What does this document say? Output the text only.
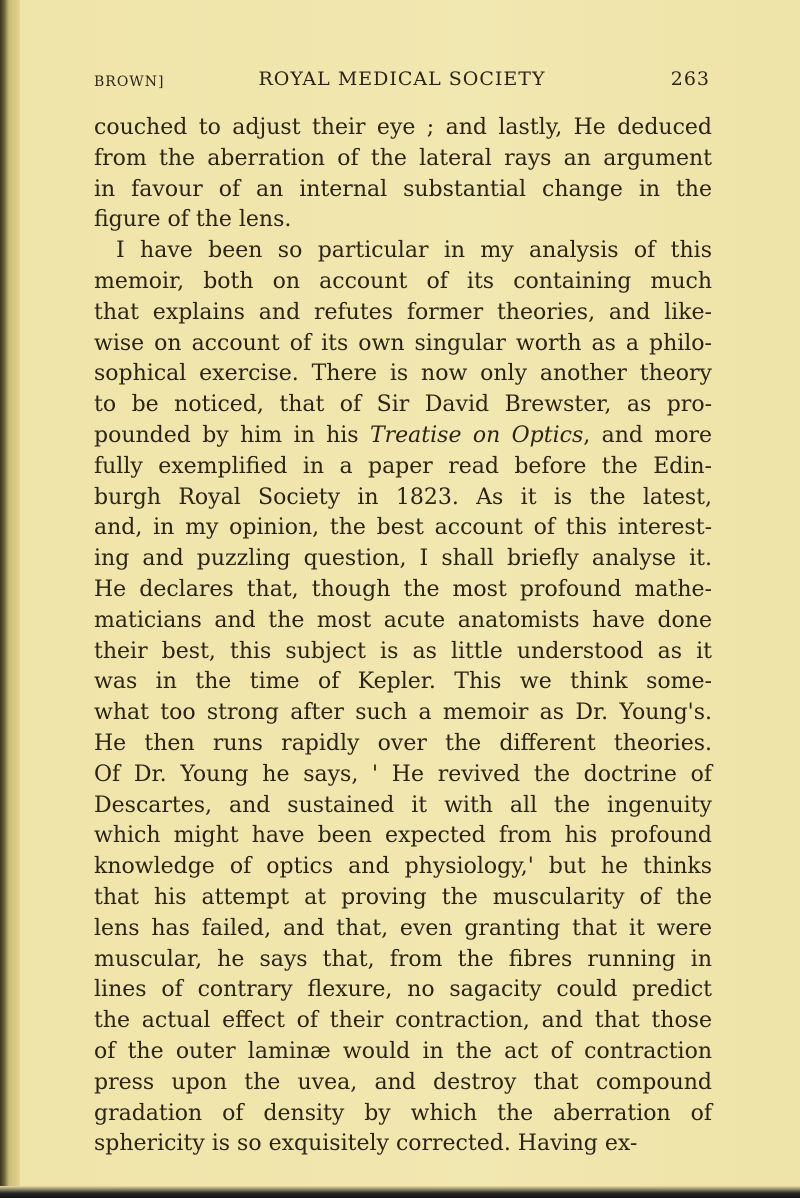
BROWN]	ROYAL MEDICAL SOCIETY	263
couched to adjust their eye ; and lastly, He deduced
from the aberration of the lateral rays an argument
in favour of an internal substantial change in the
figure of the lens.
I have been so particular in my analysis of this
memoir, both on account of its containing much
that explains and refutes former theories, and like-
wise on account of its own singular worth as a philo-
sophical exercise. There is now only another theory
to be noticed, that of Sir David Brewster, as pro-
pounded by him in his Treatise on Optics, and more
fully exemplified in a paper read before the Edin-
burgh Royal Society in 1823. As it is the latest,
and, in my opinion, the best account of this interest-
ing and puzzling question, I shall briefly analyse it.
He declares that, though the most profound mathe-
maticians and the most acute anatomists have done
their best, this subject is as little understood as it
was in the time of Kepler. This we think some-
what too strong after such a memoir as Dr. Young's.
He then runs rapidly over the different theories.
Of Dr. Young he says, ' He revived the doctrine of
Descartes, and sustained it with all the ingenuity
which might have been expected from his profound
knowledge of optics and physiology,' but he thinks
that his attempt at proving the muscularity of the
lens has failed, and that, even granting that it were
muscular, he says that, from the fibres running in
lines of contrary flexure, no sagacity could predict
the actual effect of their contraction, and that those
of the outer laminæ would in the act of contraction
press upon the uvea, and destroy that compound
gradation of density by which the aberration of
sphericity is so exquisitely corrected. Having ex-
